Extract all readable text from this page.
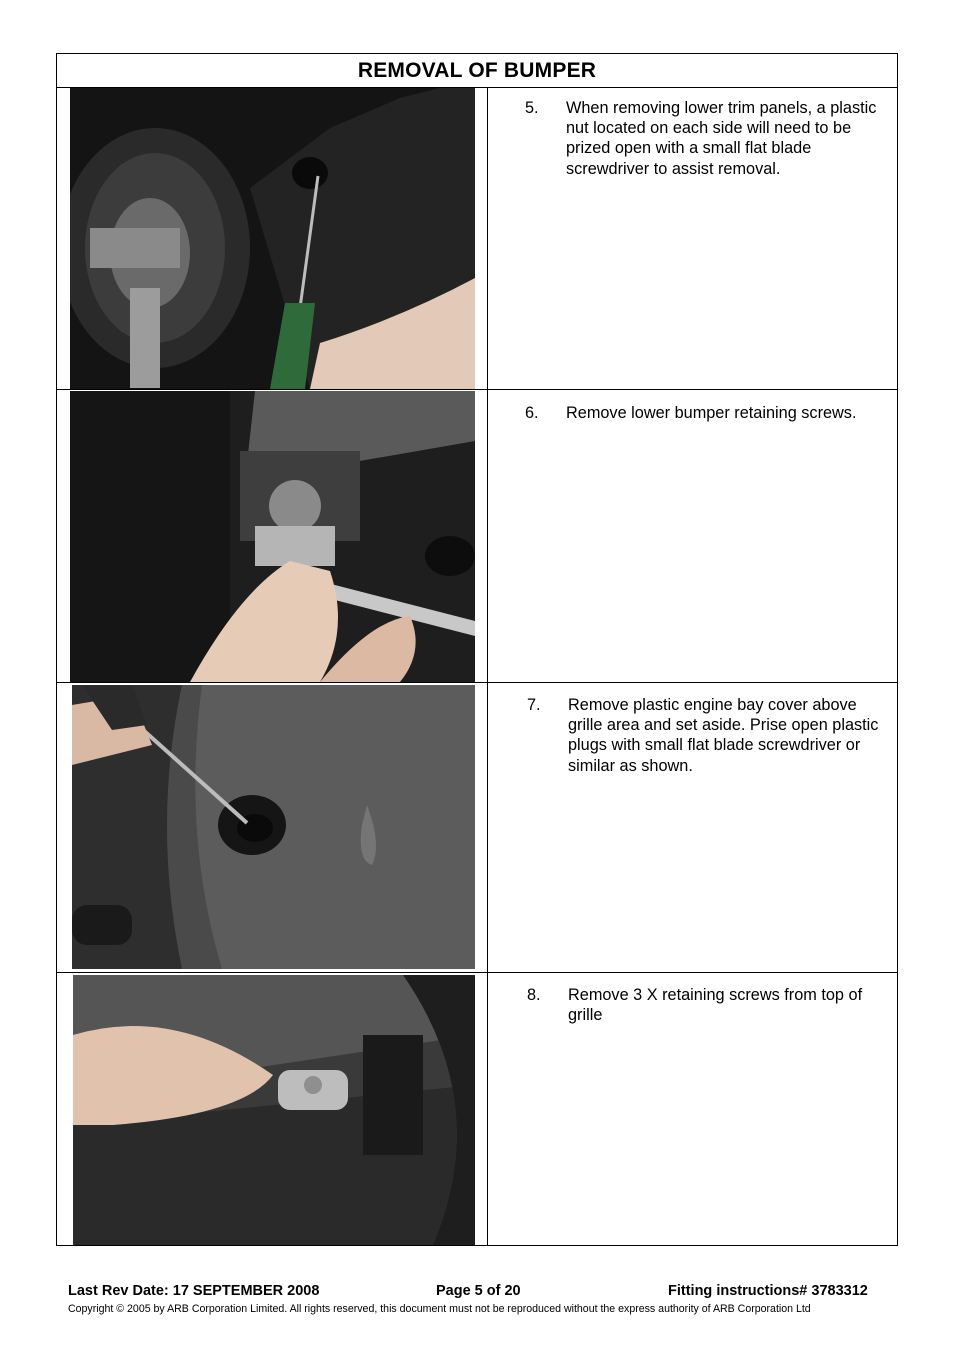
REMOVAL OF BUMPER
5. When removing lower trim panels, a plastic nut located on each side will need to be prized open with a small flat blade screwdriver to assist removal.
6. Remove lower bumper retaining screws.
7. Remove plastic engine bay cover above grille area and set aside. Prise open plastic plugs with small flat blade screwdriver or similar as shown.
8. Remove 3 X retaining screws from top of grille
Last Rev Date: 17 SEPTEMBER 2008	Page 5 of 20	Fitting instructions# 3783312
Copyright © 2005 by ARB Corporation Limited. All rights reserved, this document must not be reproduced without the express authority of ARB Corporation Ltd
